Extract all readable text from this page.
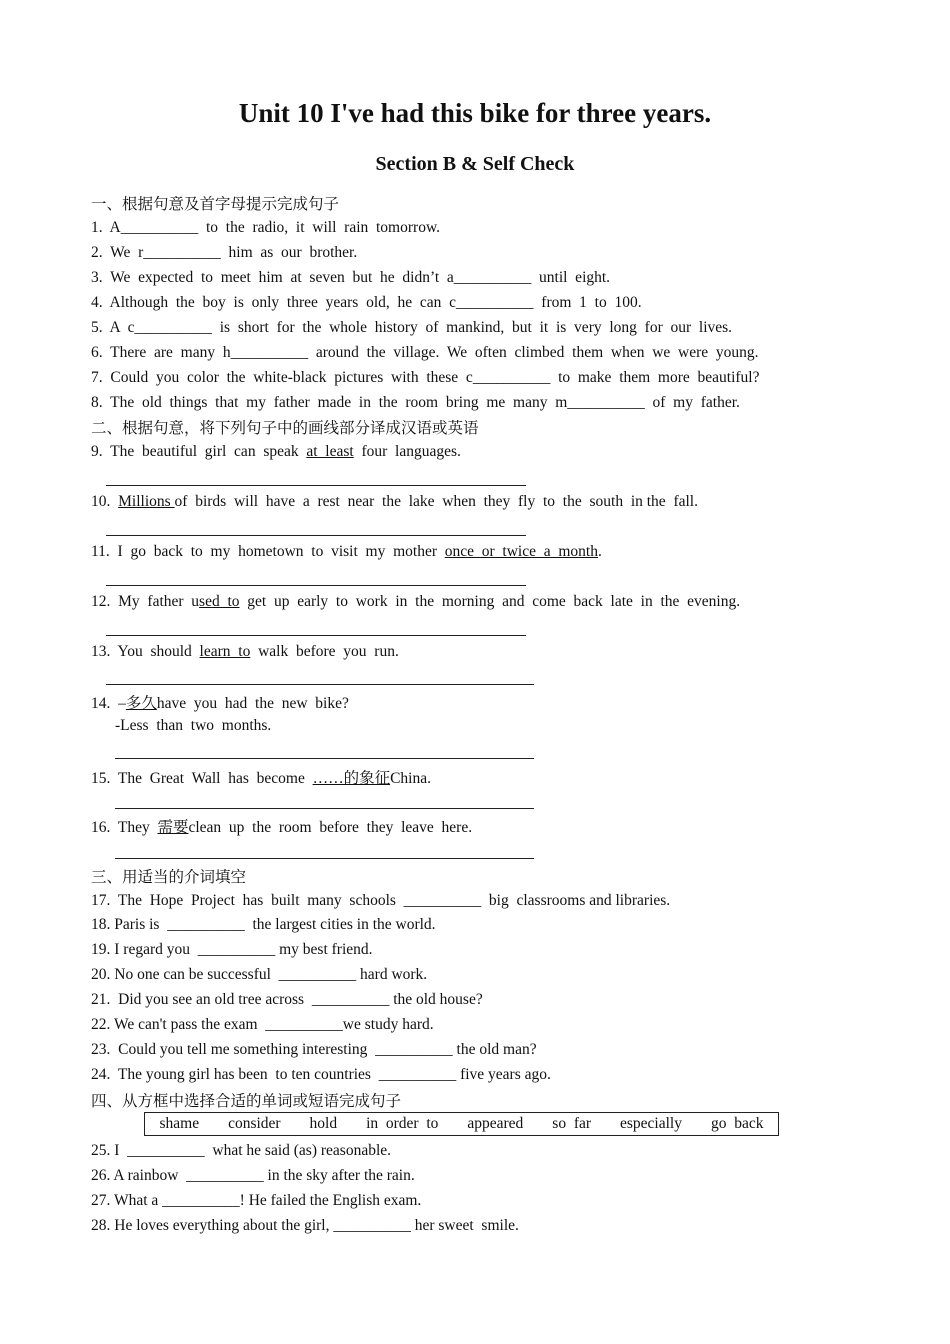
Unit 10 I've had this bike for three years.
Section B & Self Check
一、根据句意及首字母提示完成句子
1.  A__________  to  the  radio,  it  will  rain  tomorrow.
2.  We  r__________  him  as  our  brother.
3.  We  expected  to  meet  him  at  seven  but  he  didn’t  a__________  until  eight.
4.  Although  the  boy  is  only  three  years  old,  he  can  c__________  from  1  to  100.
5.  A  c__________  is  short  for  the  whole  history  of  mankind,  but  it  is  very  long  for  our  lives.
6.  There  are  many  h__________  around  the  village.  We  often  climbed  them  when  we  were  young.
7.  Could  you  color  the  white-black  pictures  with  these  c__________  to  make  them  more  beautiful?
8.  The  old  things  that  my  father  made  in  the  room  bring  me  many  m__________  of  my  father.
二、根据句意，将下列句子中的画线部分译成汉语或英语
9.  The  beautiful  girl  can  speak  at  least  four  languages.
10.  Millions of  birds  will  have  a  rest  near  the  lake  when  they  fly  to  the  south  in the  fall.
11.  I  go  back  to  my  hometown  to  visit  my  mother  once  or  twice  a  month.
12.  My  father  used  to  get  up  early  to  work  in  the  morning  and  come  back  late  in  the  evening.
13.  You  should  learn  to  walk  before  you  run.
14.  –多久have  you  had  the  new  bike?
-Less  than  two  months.
15.  The  Great  Wall  has  become  ……的象征China.
16.  They  需要clean  up  the  room  before  they  leave  here.
三、用适当的介词填空
17.  The  Hope  Project  has  built  many  schools  __________  big  classrooms and libraries.
18. Paris is  __________  the largest cities in the world.
19. I regard you  __________ my best friend.
20. No one can be successful  __________ hard work.
21.  Did you see an old tree across  __________ the old house?
22. We can't pass the exam  __________we study hard.
23.  Could you tell me something interesting  __________ the old man?
24.  The young girl has been  to ten countries  __________ five years ago.
四、从方框中选择合适的单词或短语完成句子
shame consider hold in  order  to appeared so  far especially go  back
25. I  __________  what he said (as) reasonable.
26. A rainbow  __________ in the sky after the rain.
27. What a __________! He failed the English exam.
28. He loves everything about the girl, __________ her sweet  smile.
